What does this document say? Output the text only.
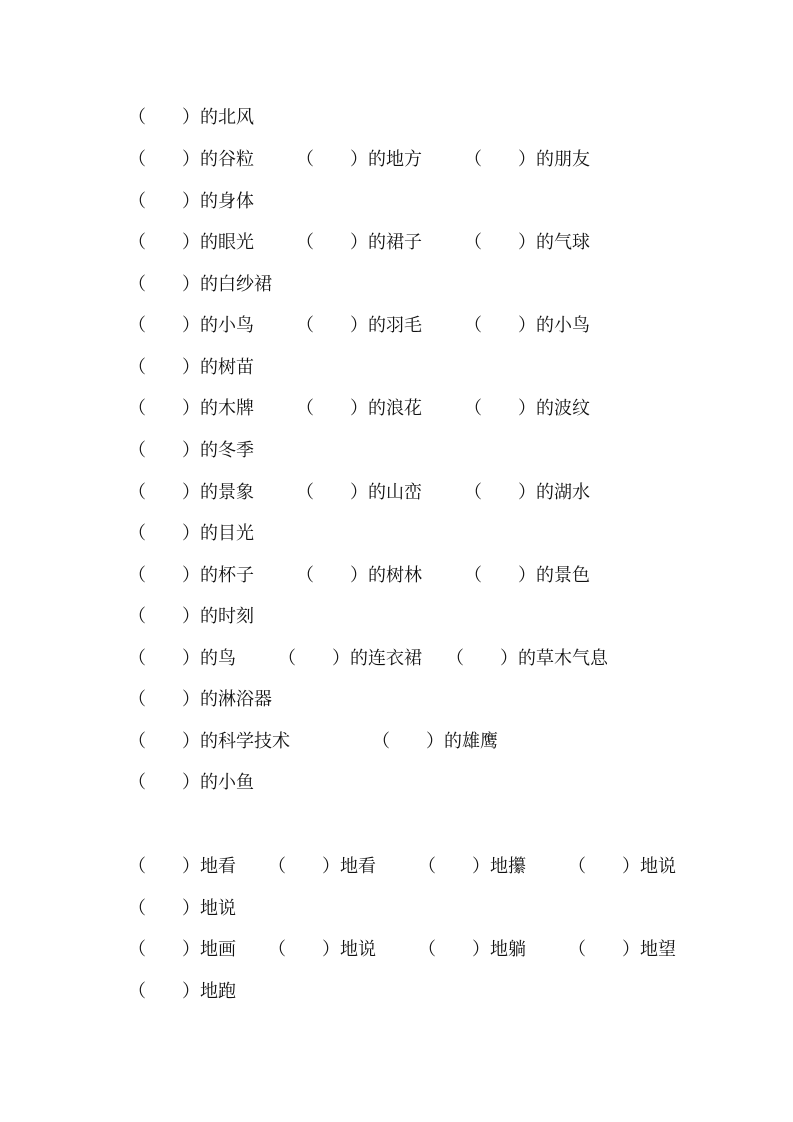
（　　）的北风
（　　）的谷粒 （　　）的地方 （　　）的朋友
（　　）的身体
（　　）的眼光 （　　）的裙子 （　　）的气球
（　　）的白纱裙
（　　）的小鸟 （　　）的羽毛 （　　）的小鸟
（　　）的树苗
（　　）的木牌 （　　）的浪花 （　　）的波纹
（　　）的冬季
（　　）的景象 （　　）的山峦 （　　）的湖水
（　　）的目光
（　　）的杯子 （　　）的树林 （　　）的景色
（　　）的时刻
（　　）的鸟 （　　）的连衣裙 （　　）的草木气息
（　　）的淋浴器
（　　）的科学技术	（　　）的雄鹰
（　　）的小鱼
（　　）地看 （　　）地看 （　　）地攥 （　　）地说
（　　）地说
（　　）地画 （　　）地说 （　　）地躺 （　　）地望
（　　）地跑
